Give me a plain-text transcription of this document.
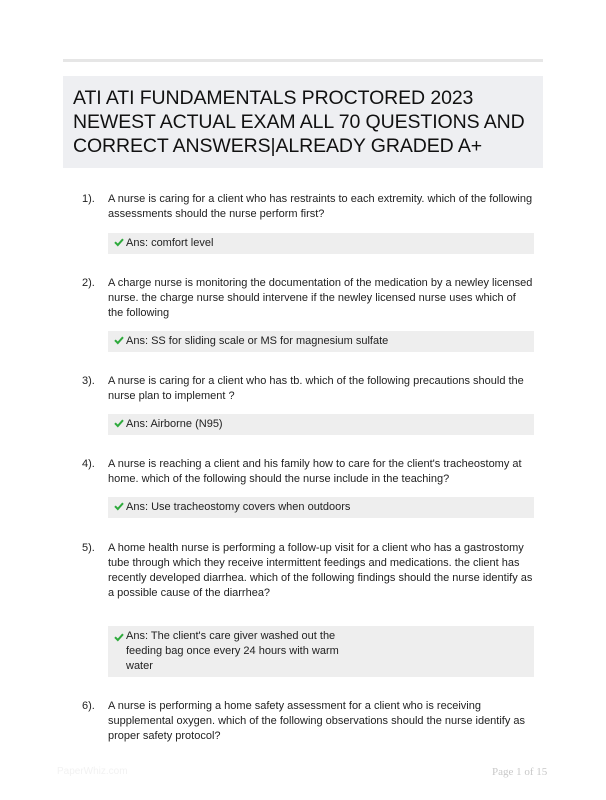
ATI ATI FUNDAMENTALS PROCTORED 2023 NEWEST ACTUAL EXAM ALL 70 QUESTIONS AND CORRECT ANSWERS|ALREADY GRADED A+
1). A nurse is caring for a client who has restraints to each extremity. which of the following assessments should the nurse perform first?
Ans: comfort level
2). A charge nurse is monitoring the documentation of the medication by a newley licensed nurse. the charge nurse should intervene if the newley licensed nurse uses which of the following
Ans: SS for sliding scale or MS for magnesium sulfate
3). A nurse is caring for a client who has tb. which of the following precautions should the nurse plan to implement ?
Ans: Airborne (N95)
4). A nurse is reaching a client and his family how to care for the client's tracheostomy at home. which of the following should the nurse include in the teaching?
Ans: Use tracheostomy covers when outdoors
5). A home health nurse is performing a follow-up visit for a client who has a gastrostomy tube through which they receive intermittent feedings and medications. the client has recently developed diarrhea. which of the following findings should the nurse identify as a possible cause of the diarrhea?
Ans: The client's care giver washed out the feeding bag once every 24 hours with warm water
6). A nurse is performing a home safety assessment for a client who is receiving supplemental oxygen. which of the following observations should the nurse identify as proper safety protocol?
PaperWhiz.com	Page 1 of 15
